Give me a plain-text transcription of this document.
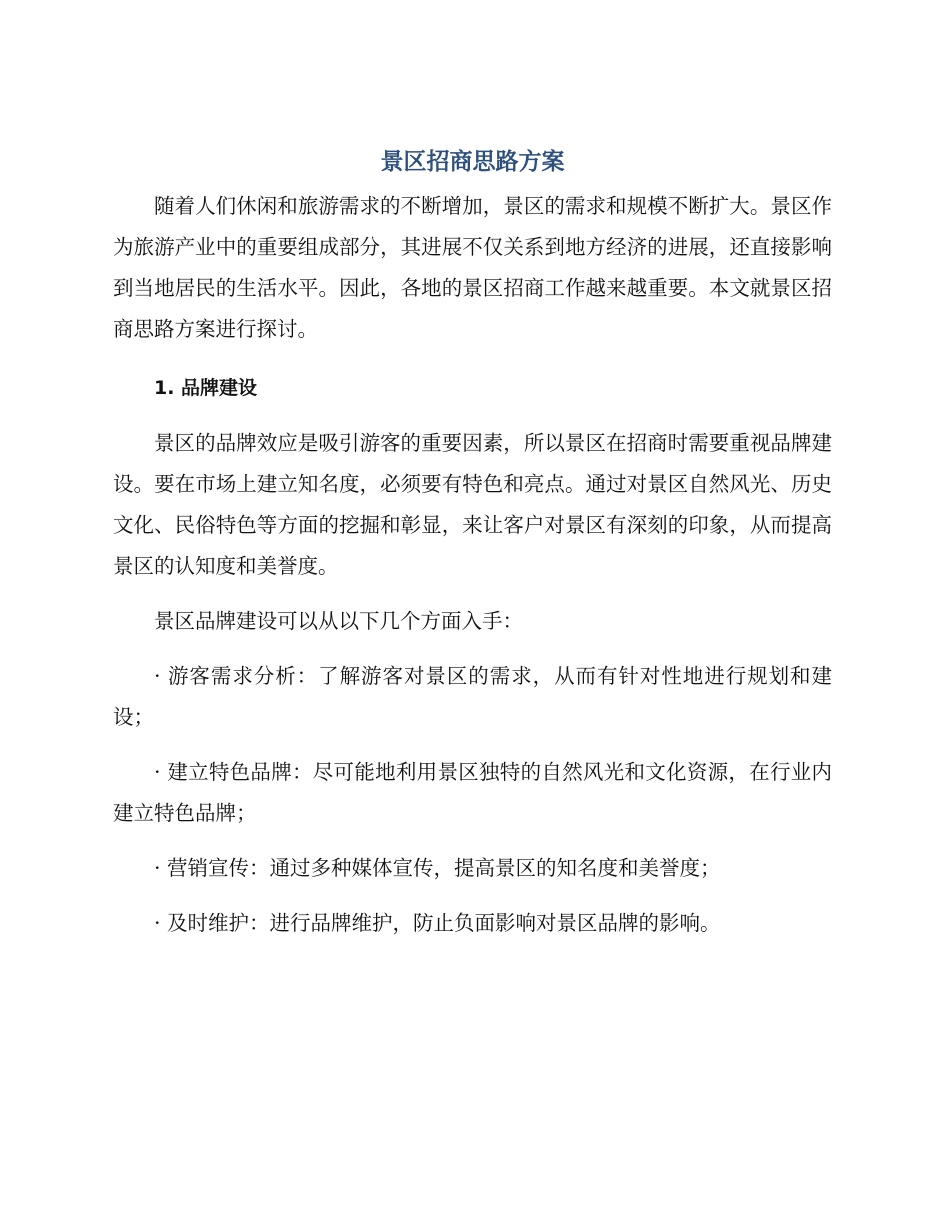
景区招商思路方案

随着人们休闲和旅游需求的不断增加，景区的需求和规模不断扩大。景区作为旅游产业中的重要组成部分，其进展不仅关系到地方经济的进展，还直接影响到当地居民的生活水平。因此，各地的景区招商工作越来越重要。本文就景区招商思路方案进行探讨。

1. 品牌建设

景区的品牌效应是吸引游客的重要因素，所以景区在招商时需要重视品牌建设。要在市场上建立知名度，必须要有特色和亮点。通过对景区自然风光、历史文化、民俗特色等方面的挖掘和彰显，来让客户对景区有深刻的印象，从而提高景区的认知度和美誉度。

景区品牌建设可以从以下几个方面入手：

· 游客需求分析：了解游客对景区的需求，从而有针对性地进行规划和建设；

· 建立特色品牌：尽可能地利用景区独特的自然风光和文化资源，在行业内建立特色品牌；

· 营销宣传：通过多种媒体宣传，提高景区的知名度和美誉度；

· 及时维护：进行品牌维护，防止负面影响对景区品牌的影响。
